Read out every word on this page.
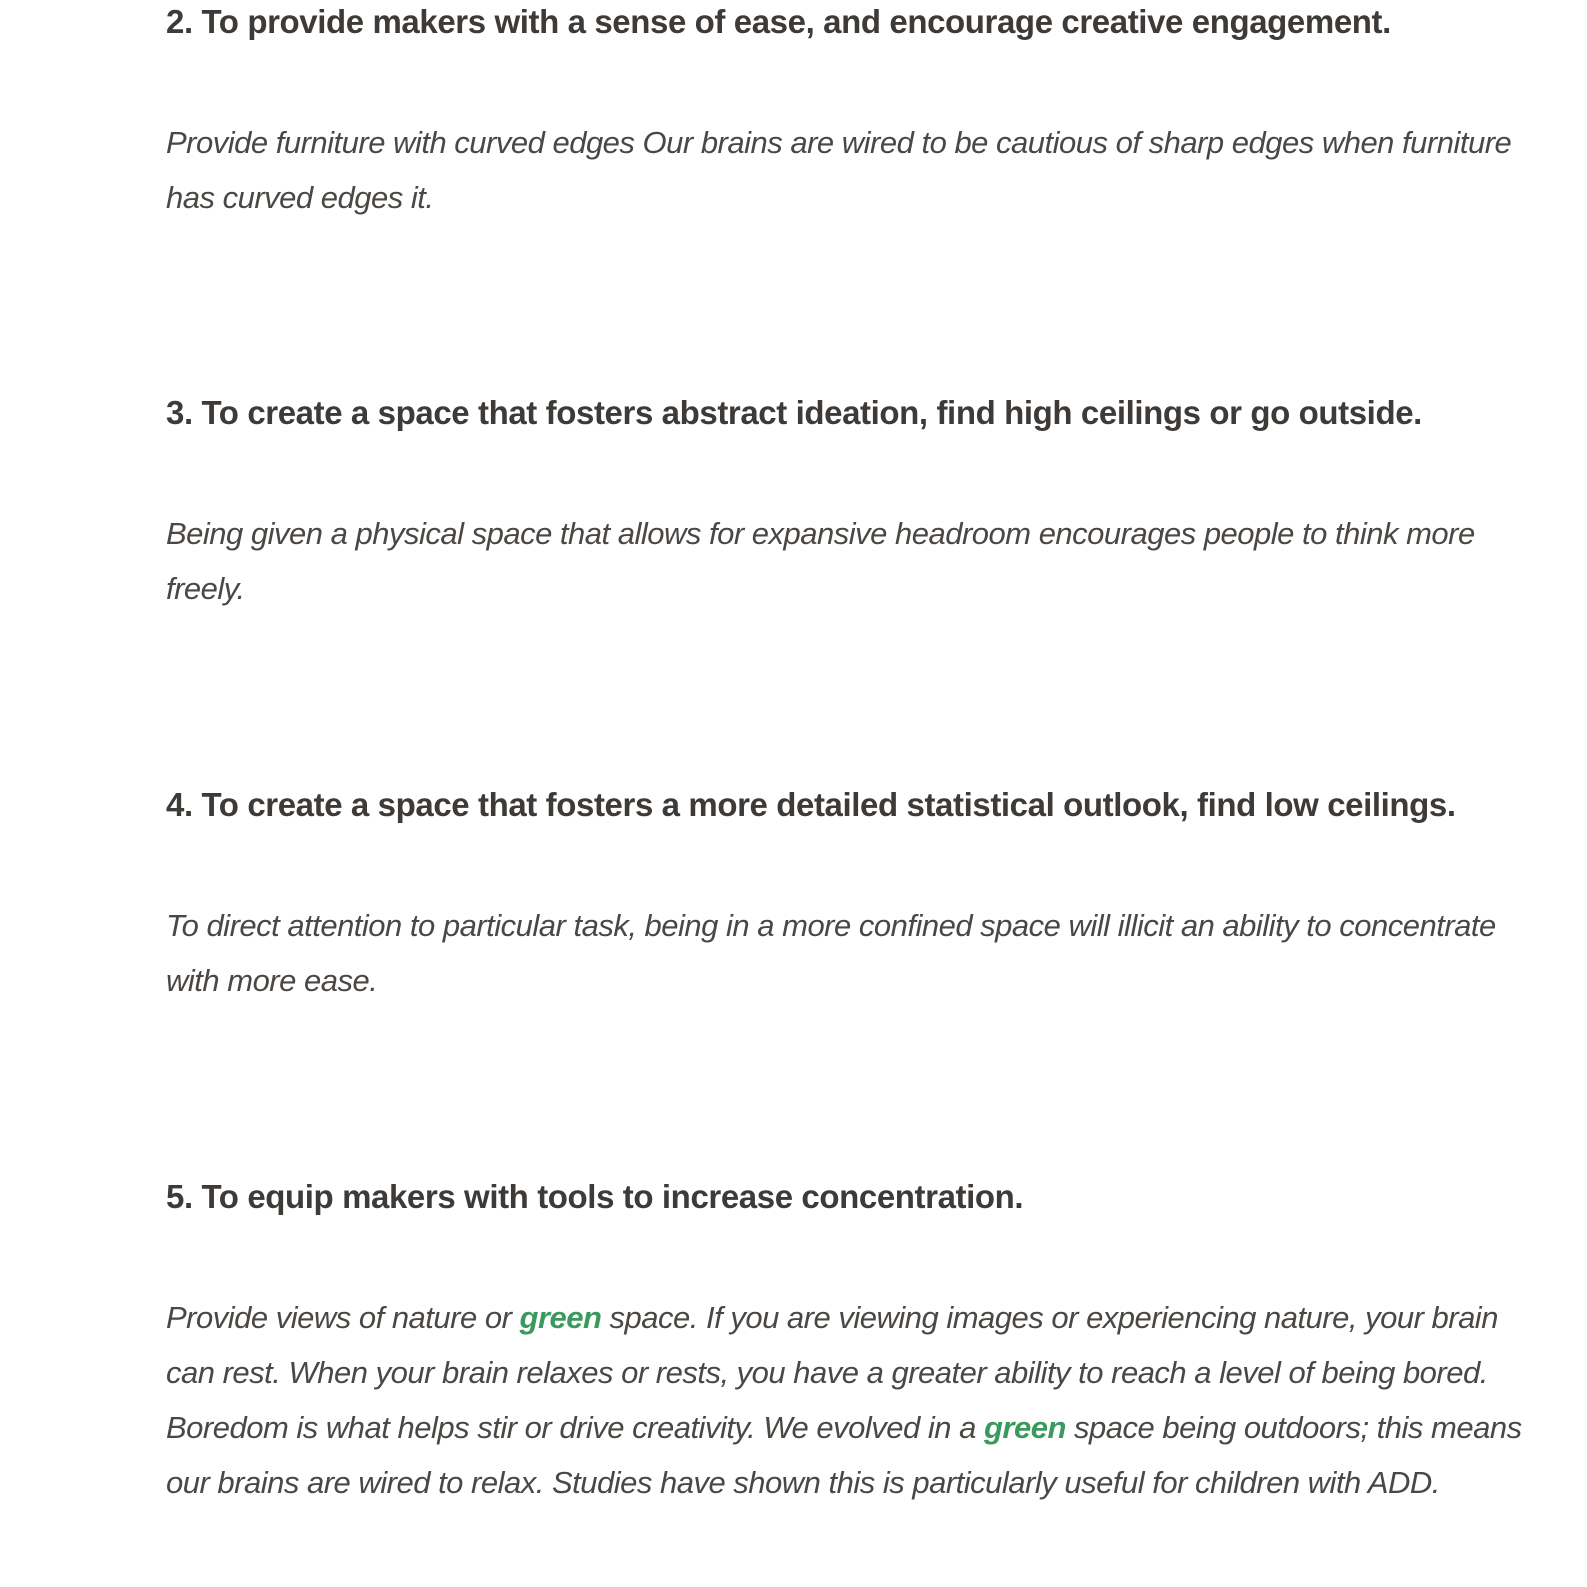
2. To provide makers with a sense of ease, and encourage creative engagement.

Provide furniture with curved edges Our brains are wired to be cautious of sharp edges when furniture has curved edges it.

3. To create a space that fosters abstract ideation, find high ceilings or go outside.

Being given a physical space that allows for expansive headroom encourages people to think more freely.

4. To create a space that fosters a more detailed statistical outlook, find low ceilings.

To direct attention to particular task, being in a more confined space will illicit an ability to concentrate with more ease.

5. To equip makers with tools to increase concentration.

Provide views of nature or green space. If you are viewing images or experiencing nature, your brain can rest. When your brain relaxes or rests, you have a greater ability to reach a level of being bored. Boredom is what helps stir or drive creativity. We evolved in a green space being outdoors; this means our brains are wired to relax. Studies have shown this is particularly useful for children with ADD.
